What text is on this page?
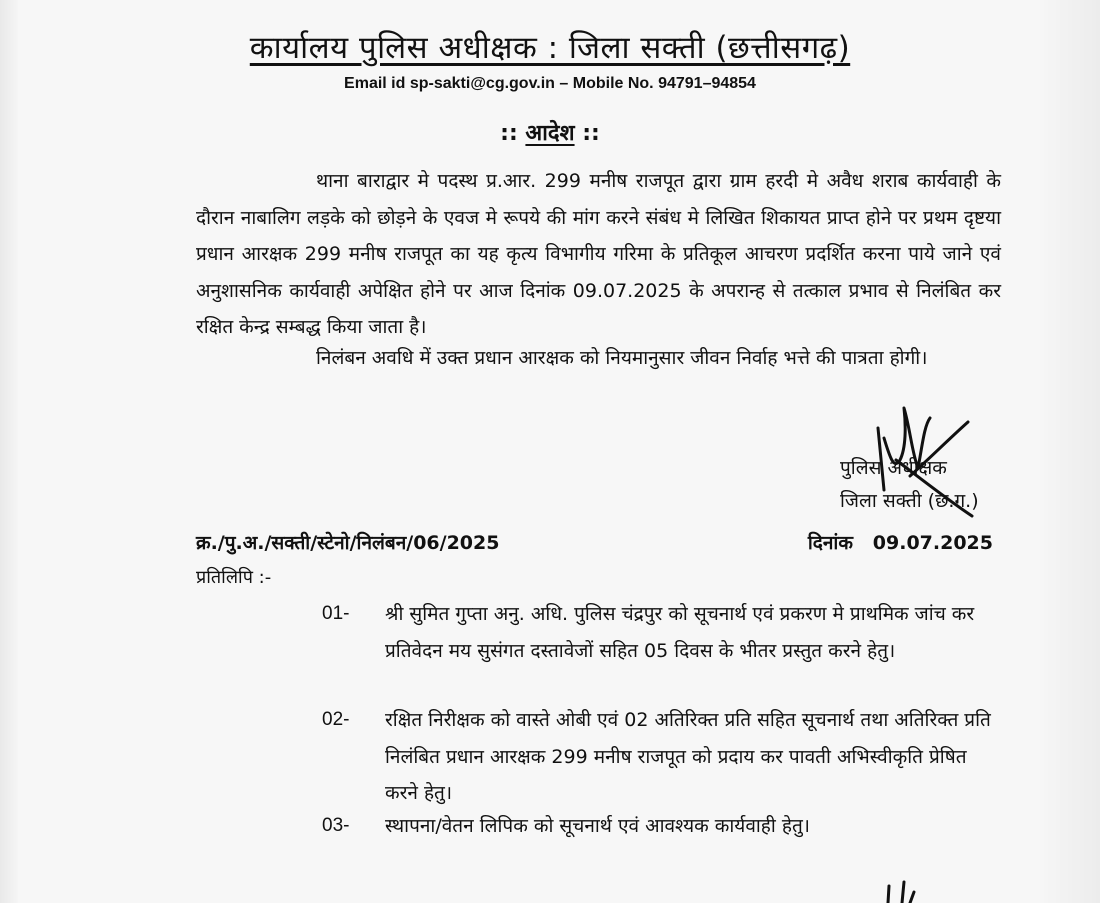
कार्यालय पुलिस अधीक्षक : जिला सक्ती (छत्तीसगढ़)
Email id sp-sakti@cg.gov.in – Mobile No. 94791–94854
:: आदेश ::
थाना बाराद्वार मे पदस्थ प्र.आर. 299 मनीष राजपूत द्वारा ग्राम हरदी मे अवैध शराब कार्यवाही के दौरान नाबालिग लड़के को छोड़ने के एवज मे रूपये की मांग करने संबंध मे लिखित शिकायत प्राप्त होने पर प्रथम दृष्टया प्रधान आरक्षक 299 मनीष राजपूत का यह कृत्य विभागीय गरिमा के प्रतिकूल आचरण प्रदर्शित करना पाये जाने एवं अनुशासनिक कार्यवाही अपेक्षित होने पर आज दिनांक 09.07.2025 के अपरान्ह से तत्काल प्रभाव से निलंबित कर रक्षित केन्द्र सम्बद्ध किया जाता है।
निलंबन अवधि में उक्त प्रधान आरक्षक को नियमानुसार जीवन निर्वाह भत्ते की पात्रता होगी।
पुलिस अधीक्षक
जिला सक्ती (छ.ग.)
क्र./पु.अ./सक्ती/स्टेनो/निलंबन/06/2025	दिनांक 09.07.2025
प्रतिलिपि :-
01-	श्री सुमित गुप्ता अनु. अधि. पुलिस चंद्रपुर को सूचनार्थ एवं प्रकरण मे प्राथमिक जांच कर प्रतिवेदन मय सुसंगत दस्तावेजों सहित 05 दिवस के भीतर प्रस्तुत करने हेतु।
02-	रक्षित निरीक्षक को वास्ते ओबी एवं 02 अतिरिक्त प्रति सहित सूचनार्थ तथा अतिरिक्त प्रति निलंबित प्रधान आरक्षक 299 मनीष राजपूत को प्रदाय कर पावती अभिस्वीकृति प्रेषित करने हेतु।
03-	स्थापना/वेतन लिपिक को सूचनार्थ एवं आवश्यक कार्यवाही हेतु।
